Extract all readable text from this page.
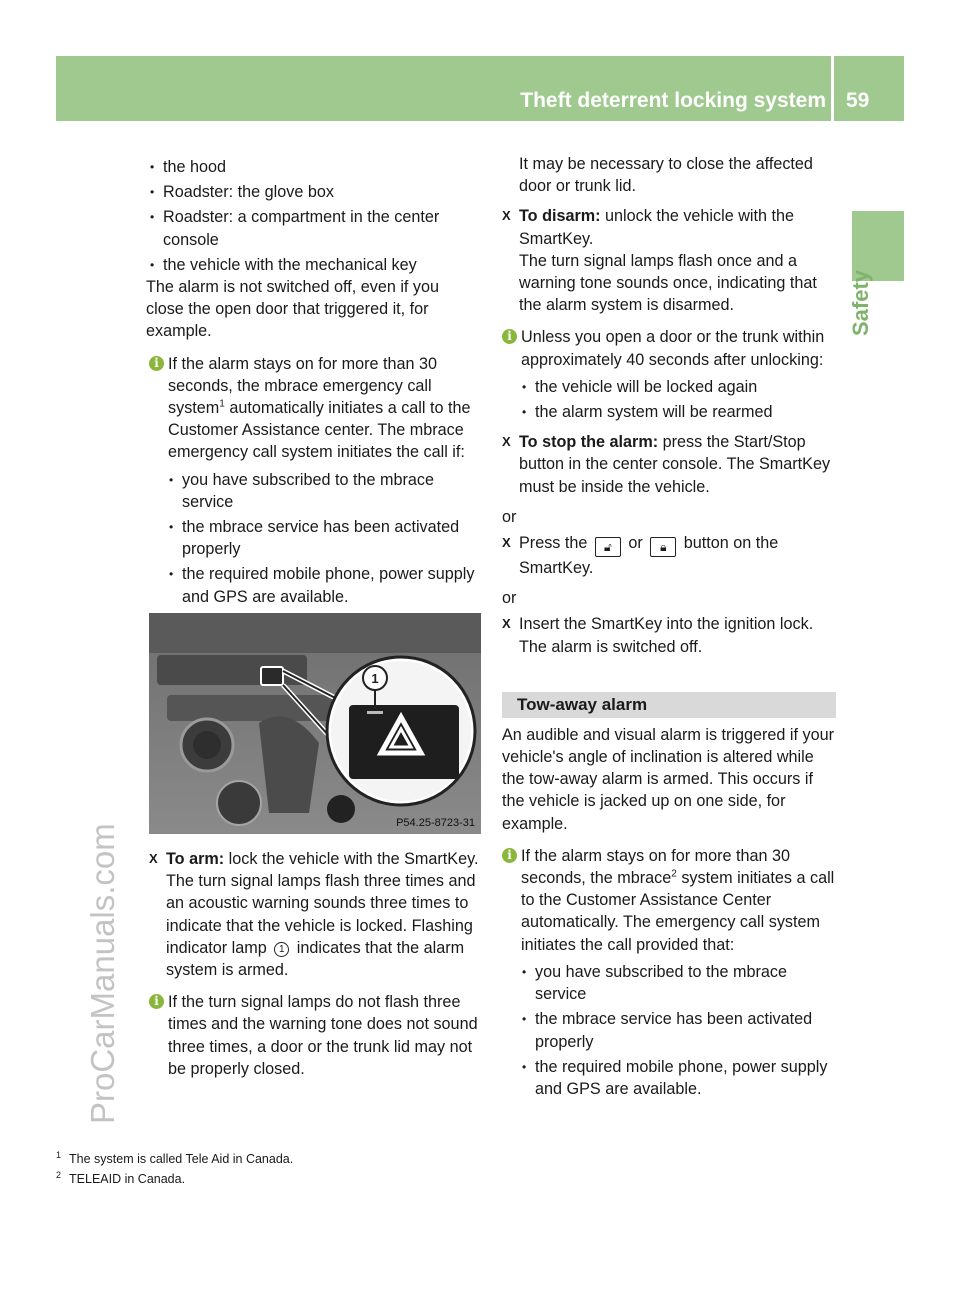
Theft deterrent locking system 59
Safety
ProCarManuals.com
• the hood
• Roadster: the glove box
• Roadster: a compartment in the center console
• the vehicle with the mechanical key

The alarm is not switched off, even if you close the open door that triggered it, for example.

i If the alarm stays on for more than 30 seconds, the mbrace emergency call system$^1$ automatically initiates a call to the Customer Assistance center. The mbrace emergency call system initiates the call if:
• you have subscribed to the mbrace service
• the mbrace service has been activated properly
• the required mobile phone, power supply and GPS are available.
1
P54.25-8723-31
X To arm: lock the vehicle with the SmartKey.
The turn signal lamps flash three times and an acoustic warning sounds three times to indicate that the vehicle is locked. Flashing indicator lamp 1 indicates that the alarm system is armed.
i If the turn signal lamps do not flash three times and the warning tone does not sound three times, a door or the trunk lid may not be properly closed.

It may be necessary to close the affected door or trunk lid.

X To disarm: unlock the vehicle with the SmartKey.
The turn signal lamps flash once and a warning tone sounds once, indicating that the alarm system is disarmed.
i Unless you open a door or the trunk within approximately 40 seconds after unlocking:
• the vehicle will be locked again
• the alarm system will be rearmed
X To stop the alarm: press the Start/Stop button in the center console. The SmartKey must be inside the vehicle.

or

X Press the 🔓︎ or 🔒︎ button on the SmartKey.

or

X Insert the SmartKey into the ignition lock. The alarm is switched off.
Tow-away alarm

An audible and visual alarm is triggered if your vehicle's angle of inclination is altered while the tow-away alarm is armed. This occurs if the vehicle is jacked up on one side, for example.

i If the alarm stays on for more than 30 seconds, the mbrace$^2$ system initiates a call to the Customer Assistance Center automatically. The emergency call system initiates the call provided that:
• you have subscribed to the mbrace service
• the mbrace service has been activated properly
• the required mobile phone, power supply and GPS are available.
$^1$ The system is called Tele Aid in Canada.
$^2$ TELEAID in Canada.
